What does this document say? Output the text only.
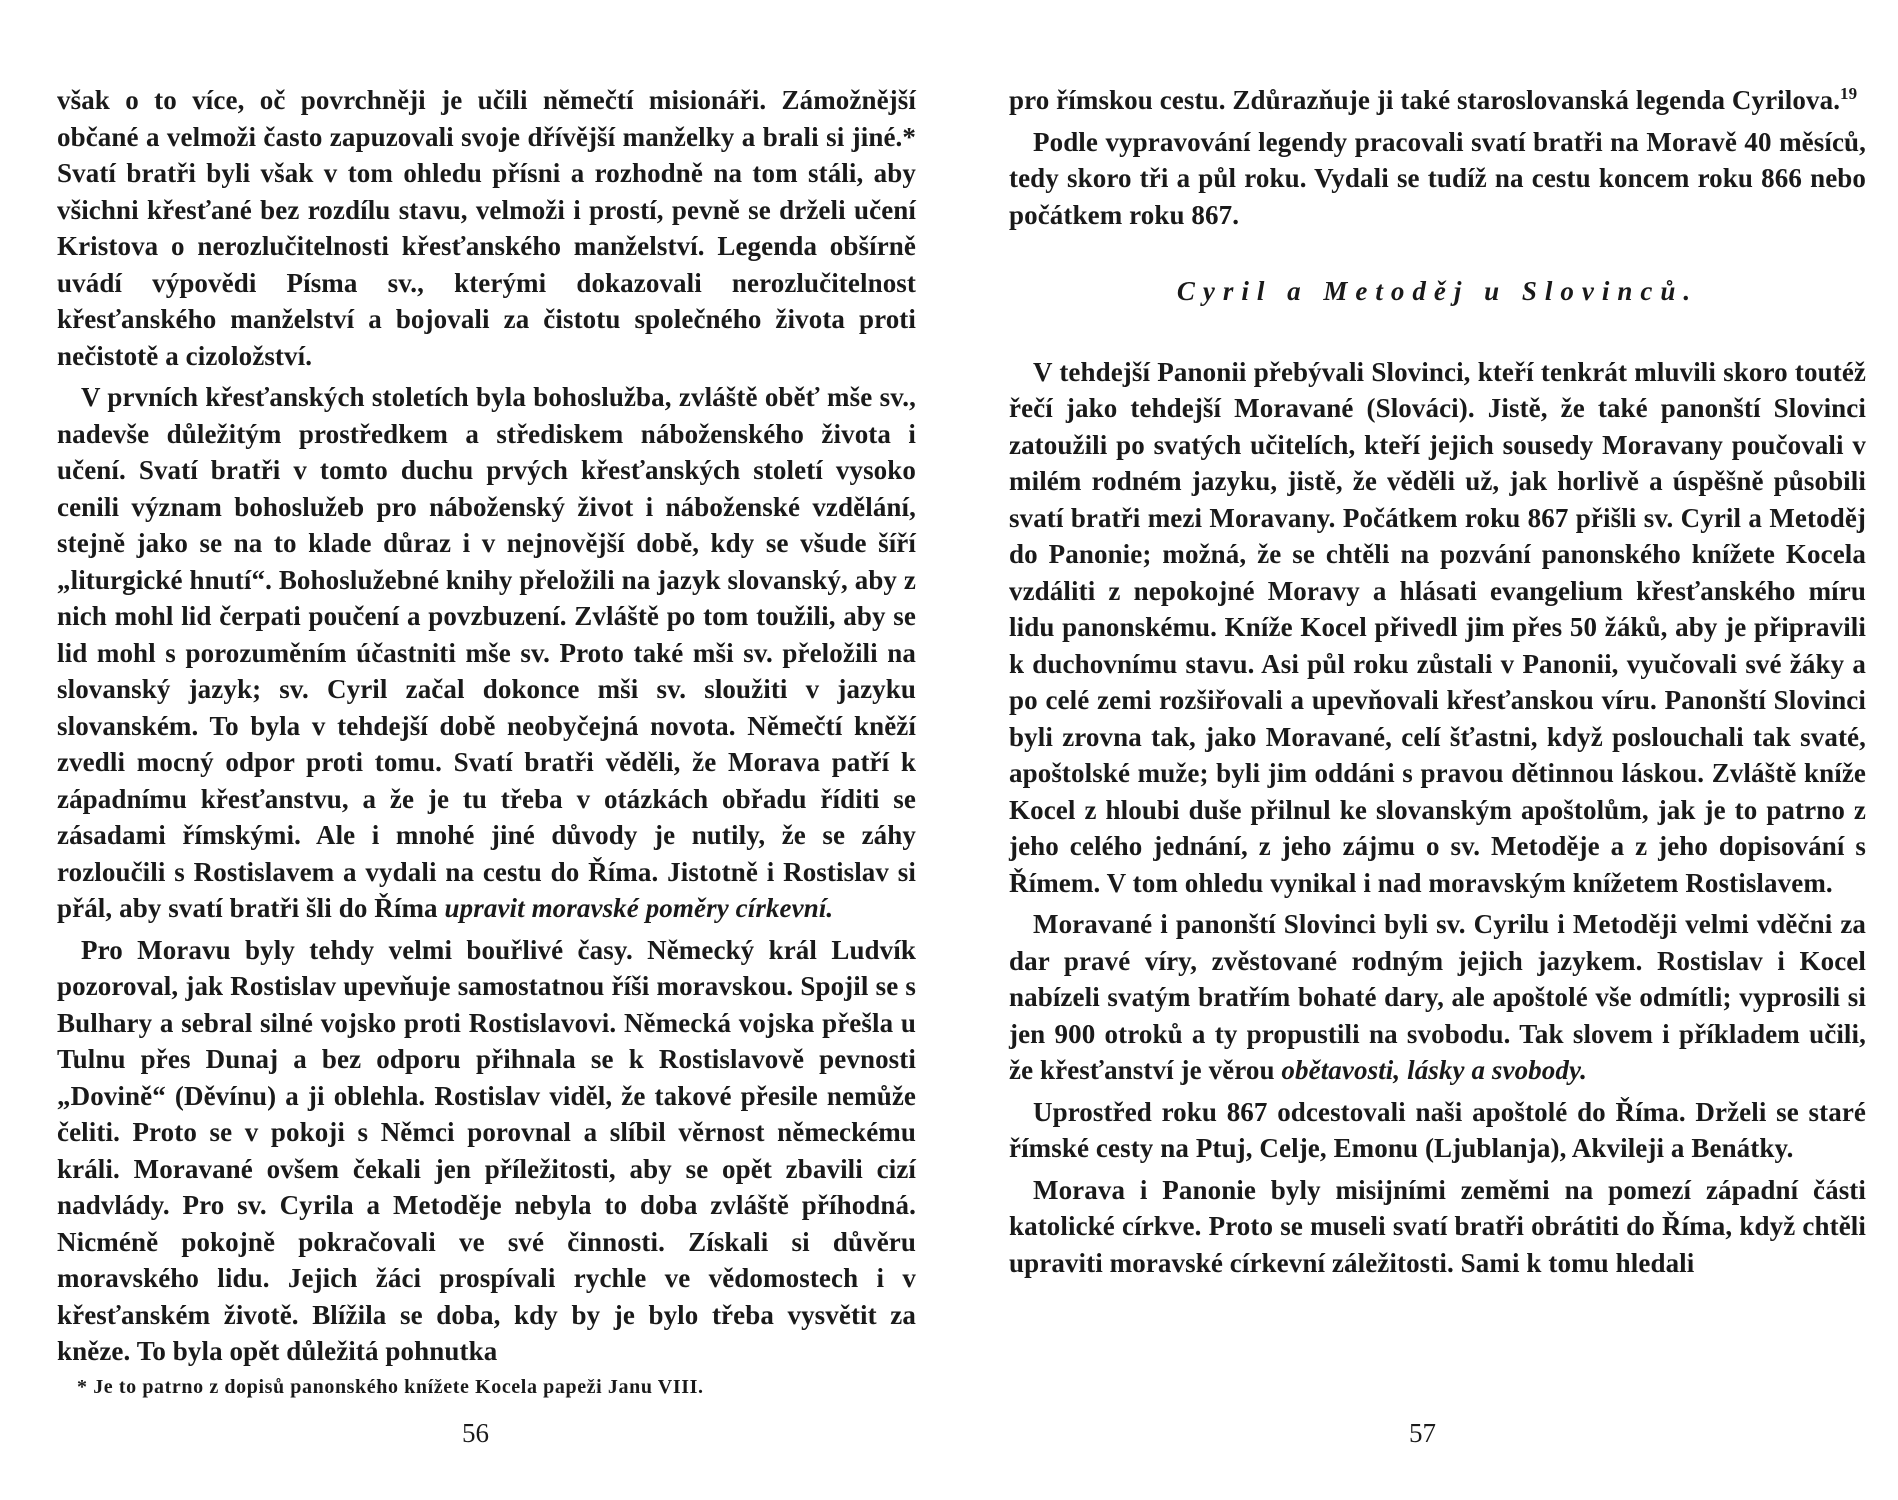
však o to více, oč povrchněji je učili němečtí misionáři. Zámožnější občané a velmoži často zapuzovali svoje dřívější manželky a brali si jiné.* Svatí bratři byli však v tom ohledu přísni a rozhodně na tom stáli, aby všichni křesťané bez rozdílu stavu, velmoži i prostí, pevně se drželi učení Kristova o nerozlučitelnosti křesťanského manželství. Legenda obšírně uvádí výpovědi Písma sv., kterými dokazovali nerozlučitelnost křesťanského manželství a bojovali za čistotu společného života proti nečistotě a cizoložství.

V prvních křesťanských stoletích byla bohoslužba, zvláště oběť mše sv., nadevše důležitým prostředkem a střediskem náboženského života i učení. Svatí bratři v tomto duchu prvých křesťanských století vysoko cenili význam bohoslužeb pro náboženský život i náboženské vzdělání, stejně jako se na to klade důraz i v nejnovější době, kdy se všude šíří „liturgické hnutí“. Bohoslužebné knihy přeložili na jazyk slovanský, aby z nich mohl lid čerpati poučení a povzbuzení. Zvláště po tom toužili, aby se lid mohl s porozuměním účastniti mše sv. Proto také mši sv. přeložili na slovanský jazyk; sv. Cyril začal dokonce mši sv. sloužiti v jazyku slovanském. To byla v tehdejší době neobyčejná novota. Němečtí kněží zvedli mocný odpor proti tomu. Svatí bratři věděli, že Morava patří k západnímu křesťanstvu, a že je tu třeba v otázkách obřadu říditi se zásadami římskými. Ale i mnohé jiné důvody je nutily, že se záhy rozloučili s Rostislavem a vydali na cestu do Říma. Jistotně i Rostislav si přál, aby svatí bratři šli do Říma upravit moravské poměry církevní.

Pro Moravu byly tehdy velmi bouřlivé časy. Německý král Ludvík pozoroval, jak Rostislav upevňuje samostatnou říši moravskou. Spojil se s Bulhary a sebral silné vojsko proti Rostislavovi. Německá vojska přešla u Tulnu přes Dunaj a bez odporu přihnala se k Rostislavově pevnosti „Dovině“ (Děvínu) a ji oblehla. Rostislav viděl, že takové přesile nemůže čeliti. Proto se v pokoji s Němci porovnal a slíbil věrnost německému králi. Moravané ovšem čekali jen příležitosti, aby se opět zbavili cizí nadvlády. Pro sv. Cyrila a Metoděje nebyla to doba zvláště příhodná. Nicméně pokojně pokračovali ve své činnosti. Získali si důvěru moravského lidu. Jejich žáci prospívali rychle ve vědomostech i v křesťanském životě. Blížila se doba, kdy by je bylo třeba vysvětit za kněze. To byla opět důležitá pohnutka

* Je to patrno z dopisů panonského knížete Kocela papeži Janu VIII.
56

pro římskou cestu. Zdůrazňuje ji také staroslovanská legenda Cyrilova.$^{19}$

Podle vypravování legendy pracovali svatí bratři na Moravě 40 měsíců, tedy skoro tři a půl roku. Vydali se tudíž na cestu koncem roku 866 nebo počátkem roku 867.

Cyril a Metoděj u Slovinců.

V tehdejší Panonii přebývali Slovinci, kteří tenkrát mluvili skoro toutéž řečí jako tehdejší Moravané (Slováci). Jistě, že také panonští Slovinci zatoužili po svatých učitelích, kteří jejich sousedy Moravany poučovali v milém rodném jazyku, jistě, že věděli už, jak horlivě a úspěšně působili svatí bratři mezi Moravany. Počátkem roku 867 přišli sv. Cyril a Metoděj do Panonie; možná, že se chtěli na pozvání panonského knížete Kocela vzdáliti z nepokojné Moravy a hlásati evangelium křesťanského míru lidu panonskému. Kníže Kocel přivedl jim přes 50 žáků, aby je připravili k duchovnímu stavu. Asi půl roku zůstali v Panonii, vyučovali své žáky a po celé zemi rozšiřovali a upevňovali křesťanskou víru. Panonští Slovinci byli zrovna tak, jako Moravané, celí šťastni, když poslouchali tak svaté, apoštolské muže; byli jim oddáni s pravou dětinnou láskou. Zvláště kníže Kocel z hloubi duše přilnul ke slovanským apoštolům, jak je to patrno z jeho celého jednání, z jeho zájmu o sv. Metoděje a z jeho dopisování s Římem. V tom ohledu vynikal i nad moravským knížetem Rostislavem.

Moravané i panonští Slovinci byli sv. Cyrilu i Metoději velmi vděčni za dar pravé víry, zvěstované rodným jejich jazykem. Rostislav i Kocel nabízeli svatým bratřím bohaté dary, ale apoštolé vše odmítli; vyprosili si jen 900 otroků a ty propustili na svobodu. Tak slovem i příkladem učili, že křesťanství je věrou obětavosti, lásky a svobody.

Uprostřed roku 867 odcestovali naši apoštolé do Říma. Drželi se staré římské cesty na Ptuj, Celje, Emonu (Ljublanja), Akvileji a Benátky.

Morava i Panonie byly misijními zeměmi na pomezí západní části katolické církve. Proto se museli svatí bratři obrátiti do Říma, když chtěli upraviti moravské církevní záležitosti. Sami k tomu hledali

57
